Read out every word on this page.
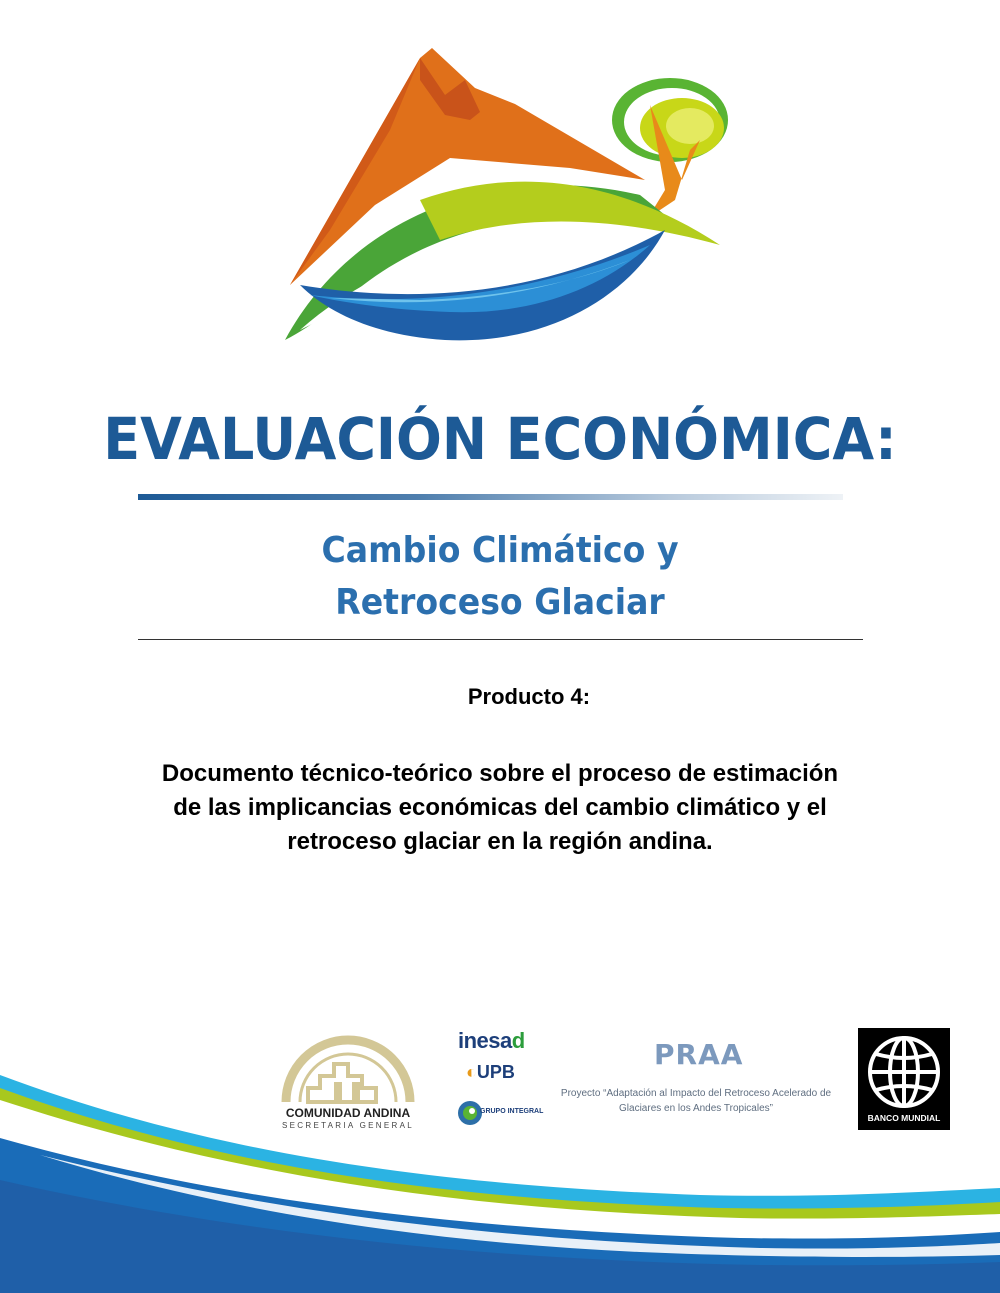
EVALUACIÓN ECONÓMICA:
Cambio Climático y
Retroceso Glaciar
Producto 4:
Documento técnico-teórico sobre el proceso de estimación
de las implicancias económicas del cambio climático y el
retroceso glaciar en la región andina.
COMUNIDAD ANDINA
SECRETARIA GENERAL
inesad
◐UPB
GRUPO INTEGRAL
PRAA
Proyecto “Adaptación al Impacto del Retroceso Acelerado de
Glaciares en los Andes Tropicales”
BANCO MUNDIAL
